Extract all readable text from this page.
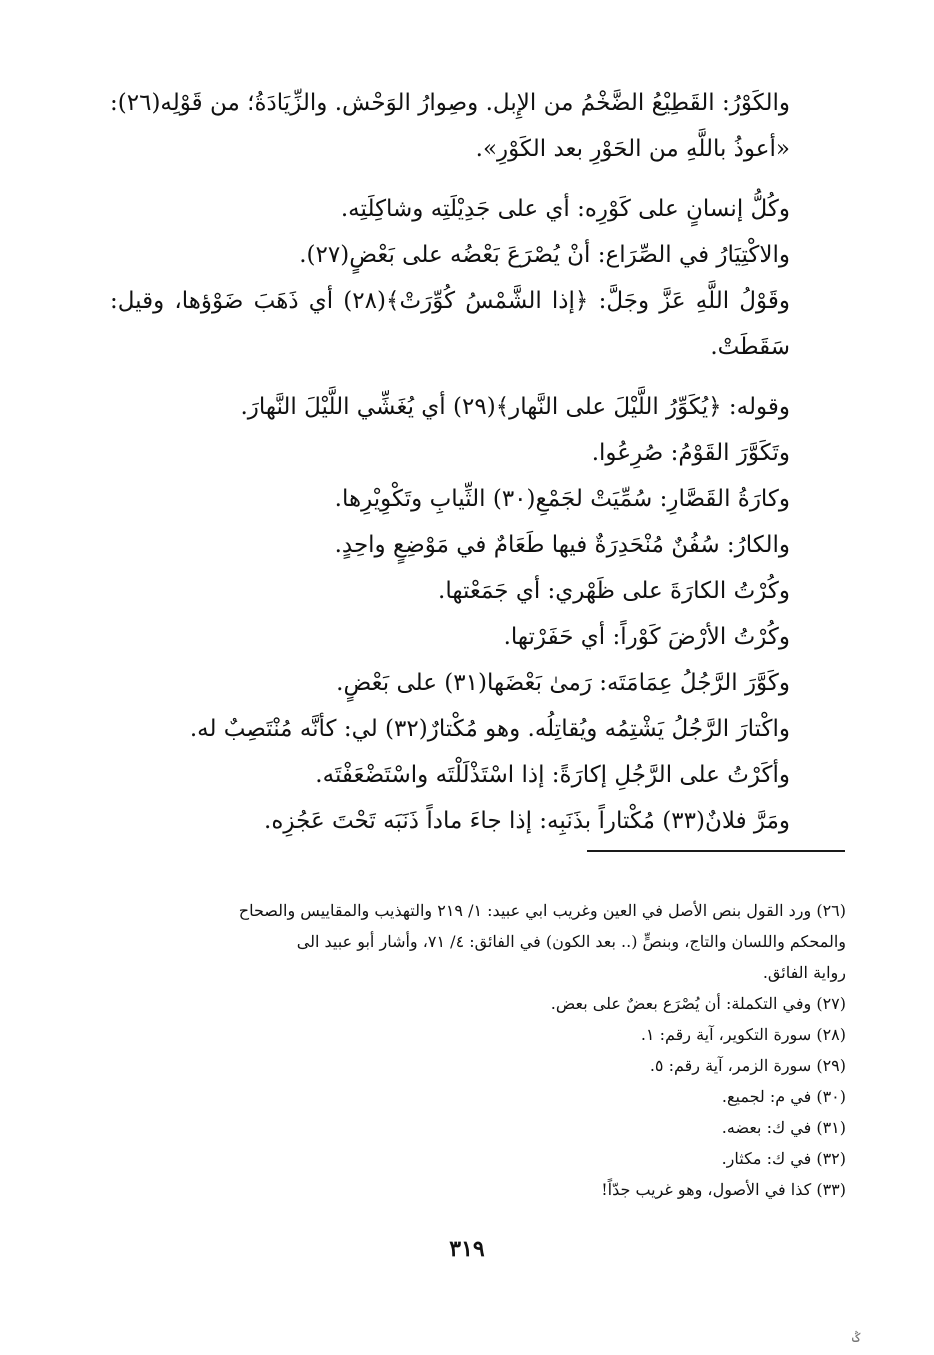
والكَوْرُ: القَطِيْعُ الضَّخْمُ من الإِبل. وصِوارُ الوَحْش. والزِّيَادَةُ؛ من قَوْلِه(٢٦): «أعوذُ باللَّهِ من الحَوْرِ بعد الكَوْرِ».

وكُلُّ إنسانٍ على كَوْرِه: أي على جَدِيْلَتِه وشاكِلَتِه.

والاكْتِيَارُ في الصِّرَاع: أنْ يُصْرَعَ بَعْضُه على بَعْضٍ(٢٧).

وقَوْلُ اللَّهِ عَزَّ وجَلَّ: ﴿إذا الشَّمْسُ كُوِّرَتْ﴾(٢٨) أي ذَهَبَ ضَوْؤها، وقيل: سَقَطَتْ.

وقوله: ﴿يُكَوِّرُ اللَّيْلَ على النَّهار﴾(٢٩) أي يُغَشِّي اللَّيْلَ النَّهارَ.

وتَكَوَّرَ القَوْمُ: صُرِعُوا.

وكارَةُ القَصَّارِ: سُمِّيَتْ لجَمْعِ(٣٠) الثِّيابِ وتَكْوِيْرِها.

والكارُ: سُفُنٌ مُنْحَدِرَةٌ فيها طَعَامٌ في مَوْضِعٍ واحِدٍ.

وكُرْتُ الكارَةَ على ظَهْري: أي جَمَعْتها.

وكُرْتُ الأرْضَ كَوْراً: أي حَفَرْتها.

وكَوَّرَ الرَّجُلُ عِمَامَتَه: رَمىٰ بَعْضَها(٣١) على بَعْضٍ.

واكْتارَ الرَّجُلُ يَشْتِمُه ويُقاتِلُه. وهو مُكْتارٌ(٣٢) لي: كأنَّه مُنْتَصِبٌ له.

وأكَرْتُ على الرَّجُلِ إكارَةً: إذا اسْتَذْلَلْتَه واسْتَضْعَفْتَه.

ومَرَّ فلانٌ(٣٣) مُكْتاراً بذَنَبِه: إذا جاءَ ماداً ذَنَبَه تَحْتَ عَجُزِه.

(٢٦) ورد القول بنص الأصل في العين وغريب ابي عبيد: ١/ ٢١٩ والتهذيب والمقاييس والصحاح

والمحكم واللسان والتاج، وبنصٍّ (.. بعد الكون) في الفائق: ٤/ ٧١، وأشار أبو عبيد الى

رواية الفائق.

(٢٧) وفي التكملة: أن يُصْرَع بعضٌ على بعض.

(٢٨) سورة التكوير، آية رقم: ١.

(٢٩) سورة الزمر، آية رقم: ٥.

(٣٠) في م: لجميع.

(٣١) في ك: بعضه.

(٣٢) في ك: مكثار.

(٣٣) كذا في الأصول، وهو غريب جدّاً!

٣١٩
ݣ
